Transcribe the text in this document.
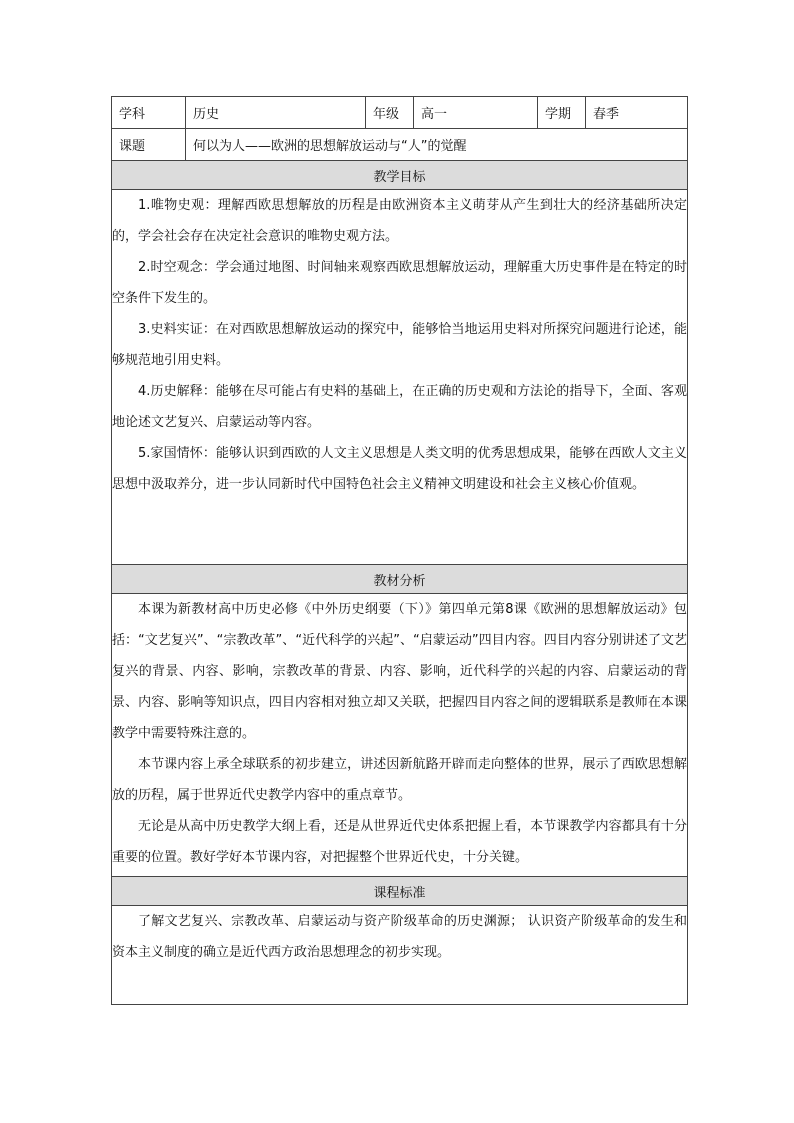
学科	历史	年级	高一	学期	春季
课题	何以为人——欧洲的思想解放运动与“人”的觉醒				
教学目标					

1.唯物史观：理解西欧思想解放的历程是由欧洲资本主义萌芽从产生到壮大的经济基础所决定的，学会社会存在决定社会意识的唯物史观方法。

2.时空观念：学会通过地图、时间轴来观察西欧思想解放运动，理解重大历史事件是在特定的时空条件下发生的。

3.史料实证：在对西欧思想解放运动的探究中，能够恰当地运用史料对所探究问题进行论述，能够规范地引用史料。

4.历史解释：能够在尽可能占有史料的基础上，在正确的历史观和方法论的指导下，全面、客观地论述文艺复兴、启蒙运动等内容。

5.家国情怀：能够认识到西欧的人文主义思想是人类文明的优秀思想成果，能够在西欧人文主义思想中汲取养分，进一步认同新时代中国特色社会主义精神文明建设和社会主义核心价值观。					

教材分析					

本课为新教材高中历史必修《中外历史纲要（下）》第四单元第8课《欧洲的思想解放运动》包括：“文艺复兴”、“宗教改革”、“近代科学的兴起”、“启蒙运动”四目内容。四目内容分别讲述了文艺复兴的背景、内容、影响，宗教改革的背景、内容、影响，近代科学的兴起的内容、启蒙运动的背景、内容、影响等知识点，四目内容相对独立却又关联，把握四目内容之间的逻辑联系是教师在本课教学中需要特殊注意的。

本节课内容上承全球联系的初步建立，讲述因新航路开辟而走向整体的世界，展示了西欧思想解放的历程，属于世界近代史教学内容中的重点章节。

无论是从高中历史教学大纲上看，还是从世界近代史体系把握上看，本节课教学内容都具有十分重要的位置。教好学好本节课内容，对把握整个世界近代史，十分关键。					

课程标准					

了解文艺复兴、宗教改革、启蒙运动与资产阶级革命的历史渊源； 认识资产阶级革命的发生和资本主义制度的确立是近代西方政治思想理念的初步实现。					
